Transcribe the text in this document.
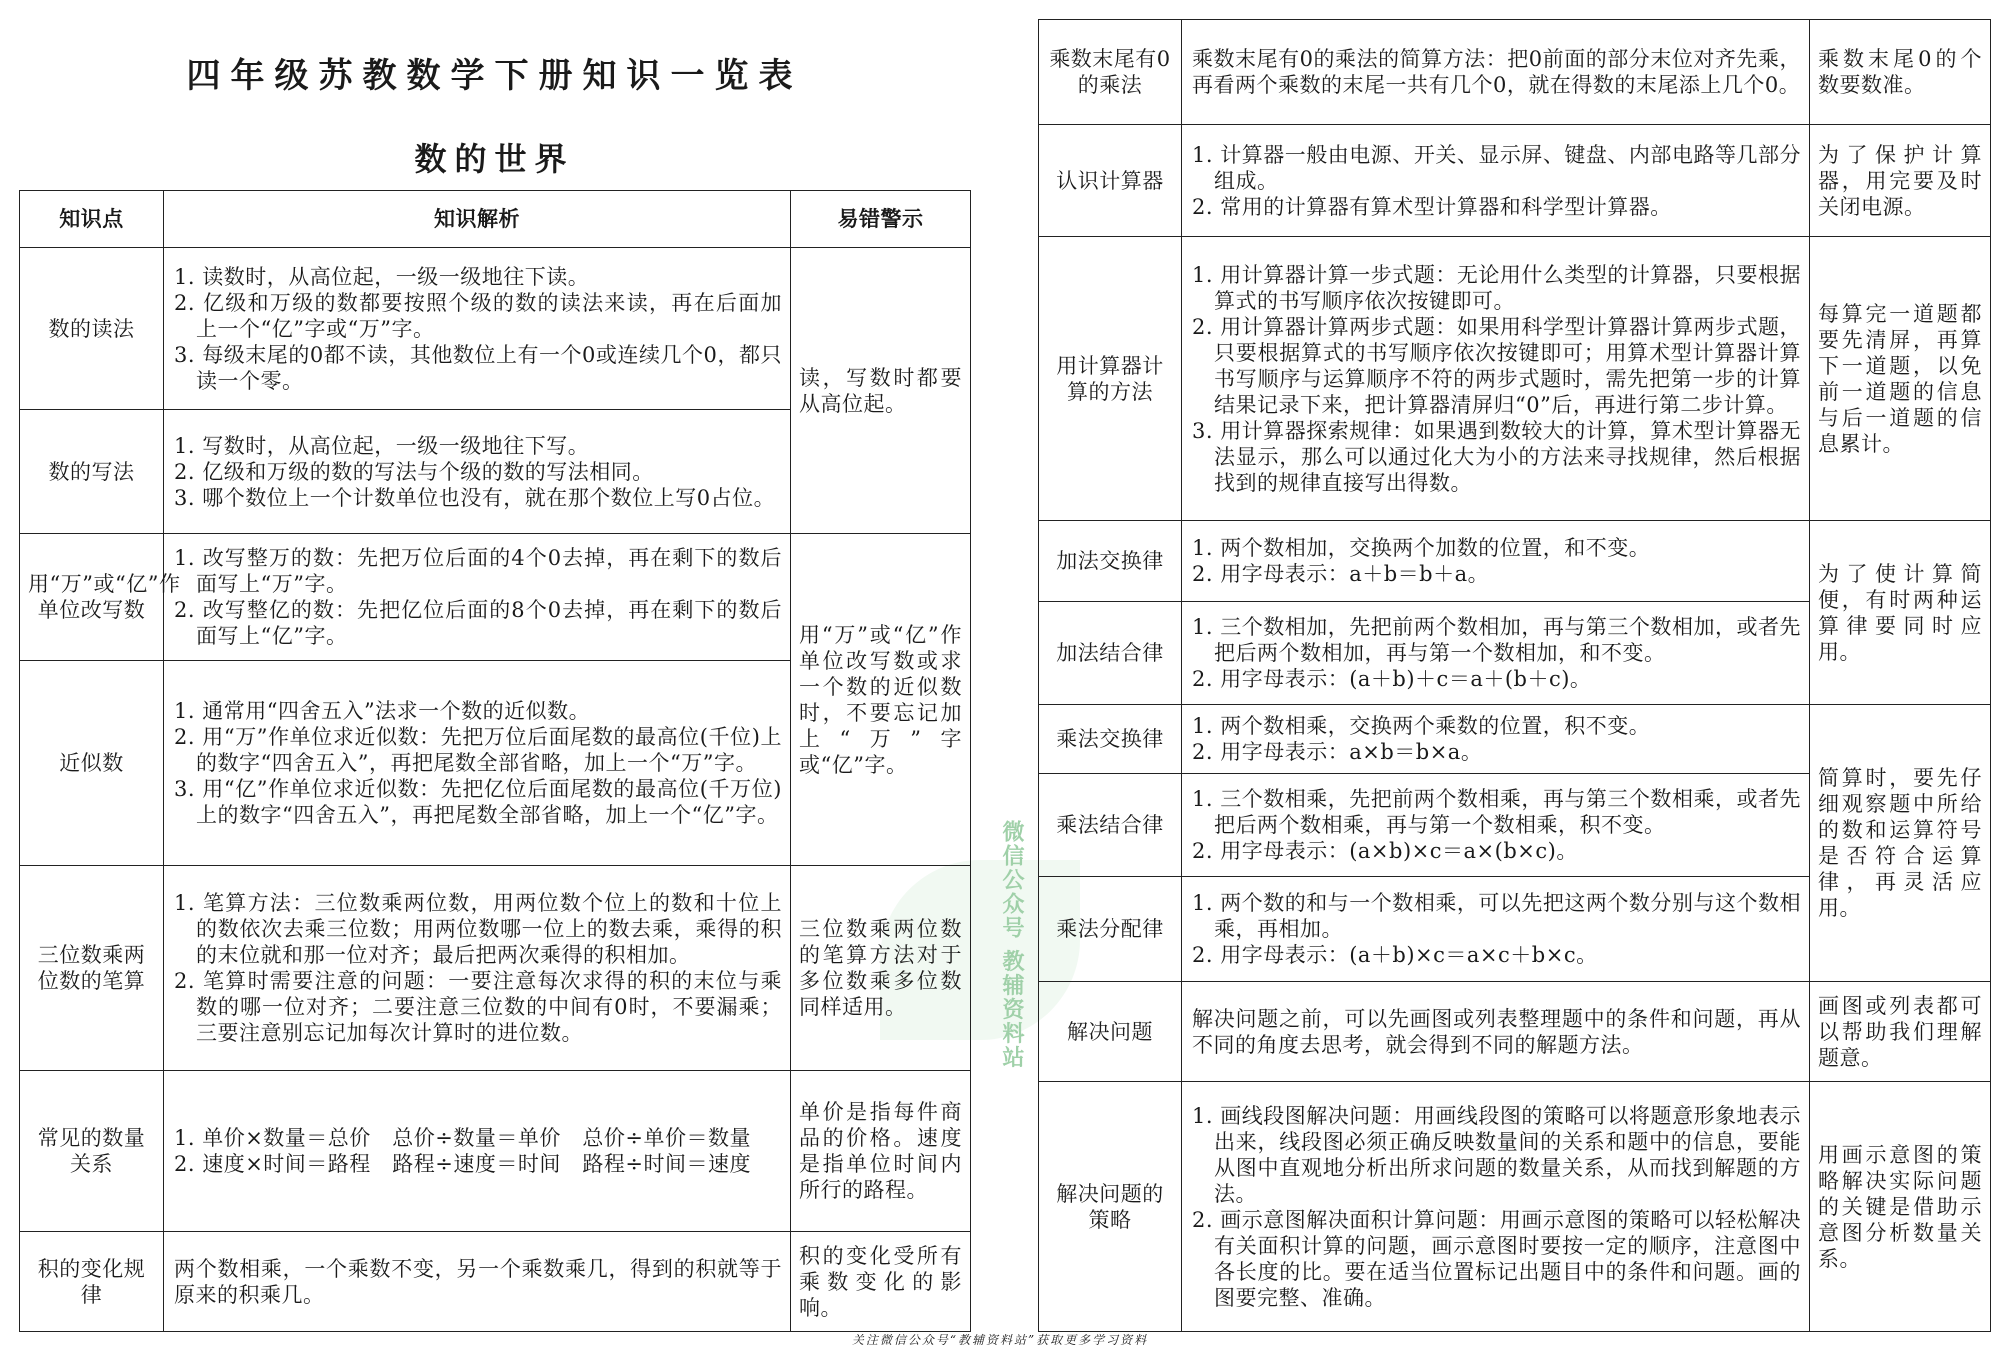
四年级苏教数学下册知识一览表
数的世界
知识点	知识解析	易错警示
数的读法	1. 读数时，从高位起，一级一级地往下读。
2. 亿级和万级的数都要按照个级的数的读法来读，再在后面加上一个“亿”字或“万”字。
3. 每级末尾的0都不读，其他数位上有一个0或连续几个0，都只读一个零。	读，写数时都要从高位起。
数的写法	1. 写数时，从高位起，一级一级地往下写。
2. 亿级和万级的数的写法与个级的数的写法相同。
3. 哪个数位上一个计数单位也没有，就在那个数位上写0占位。	

用“万”或“亿”作单位改写数	1. 改写整万的数：先把万位后面的4个0去掉，再在剩下的数后面写上“万”字。
2. 改写整亿的数：先把亿位后面的8个0去掉，再在剩下的数后面写上“亿”字。	用“万”或“亿”作单位改写数或求一个数的近似数时，不要忘记加上“万”字或“亿”字。
近似数	1. 通常用“四舍五入”法求一个数的近似数。
2. 用“万”作单位求近似数：先把万位后面尾数的最高位(千位)上的数字“四舍五入”，再把尾数全部省略，加上一个“万”字。
3. 用“亿”作单位求近似数：先把亿位后面尾数的最高位(千万位)上的数字“四舍五入”，再把尾数全部省略，加上一个“亿”字。	

三位数乘两位数的笔算	1. 笔算方法：三位数乘两位数，用两位数个位上的数和十位上的数依次去乘三位数；用两位数哪一位上的数去乘，乘得的积的末位就和那一位对齐；最后把两次乘得的积相加。
2. 笔算时需要注意的问题：一要注意每次求得的积的末位与乘数的哪一位对齐；二要注意三位数的中间有0时，不要漏乘；三要注意别忘记加每次计算时的进位数。	三位数乘两位数的笔算方法对于多位数乘多位数同样适用。
常见的数量关系	1. 单价×数量＝总价　总价÷数量＝单价　总价÷单价＝数量
2. 速度×时间＝路程　路程÷速度＝时间　路程÷时间＝速度	单价是指每件商品的价格。速度是指单位时间内所行的路程。
积的变化规律	两个数相乘，一个乘数不变，另一个乘数乘几，得到的积就等于原来的积乘几。	积的变化受所有乘数变化的影响。
乘数末尾有0的乘法	乘数末尾有0的乘法的简算方法：把0前面的部分末位对齐先乘，再看两个乘数的末尾一共有几个0，就在得数的末尾添上几个0。	乘数末尾0的个数要数准。
认识计算器	1. 计算器一般由电源、开关、显示屏、键盘、内部电路等几部分组成。
2. 常用的计算器有算术型计算器和科学型计算器。	为了保护计算器，用完要及时关闭电源。
用计算器计算的方法	1. 用计算器计算一步式题：无论用什么类型的计算器，只要根据算式的书写顺序依次按键即可。
2. 用计算器计算两步式题：如果用科学型计算器计算两步式题，只要根据算式的书写顺序依次按键即可；用算术型计算器计算书写顺序与运算顺序不符的两步式题时，需先把第一步的计算结果记录下来，把计算器清屏归“0”后，再进行第二步计算。
3. 用计算器探索规律：如果遇到数较大的计算，算术型计算器无法显示，那么可以通过化大为小的方法来寻找规律，然后根据找到的规律直接写出得数。	每算完一道题都要先清屏，再算下一道题，以免前一道题的信息与后一道题的信息累计。
加法交换律	1. 两个数相加，交换两个加数的位置，和不变。
2. 用字母表示：a＋b＝b＋a。	为了使计算简便，有时两种运算律要同时应用。
加法结合律	1. 三个数相加，先把前两个数相加，再与第三个数相加，或者先把后两个数相加，再与第一个数相加，和不变。
2. 用字母表示：(a＋b)＋c＝a＋(b＋c)。	

乘法交换律	1. 两个数相乘，交换两个乘数的位置，积不变。
2. 用字母表示：a×b＝b×a。	简算时，要先仔细观察题中所给的数和运算符号是否符合运算律，再灵活应用。
乘法结合律	1. 三个数相乘，先把前两个数相乘，再与第三个数相乘，或者先把后两个数相乘，再与第一个数相乘，积不变。
2. 用字母表示：(a×b)×c＝a×(b×c)。	

乘法分配律	1. 两个数的和与一个数相乘，可以先把这两个数分别与这个数相乘，再相加。
2. 用字母表示：(a＋b)×c＝a×c＋b×c。	

解决问题	解决问题之前，可以先画图或列表整理题中的条件和问题，再从不同的角度去思考，就会得到不同的解题方法。	画图或列表都可以帮助我们理解题意。
解决问题的策略	1. 画线段图解决问题：用画线段图的策略可以将题意形象地表示出来，线段图必须正确反映数量间的关系和题中的信息，要能从图中直观地分析出所求问题的数量关系，从而找到解题的方法。
2. 画示意图解决面积计算问题：用画示意图的策略可以轻松解决有关面积计算的问题，画示意图时要按一定的顺序，注意图中各长度的比。要在适当位置标记出题目中的条件和问题。画的图要完整、准确。	用画示意图的策略解决实际问题的关键是借助示意图分析数量关系。
微信公众号 教辅资料站
关注微信公众号“教辅资料站”获取更多学习资料
